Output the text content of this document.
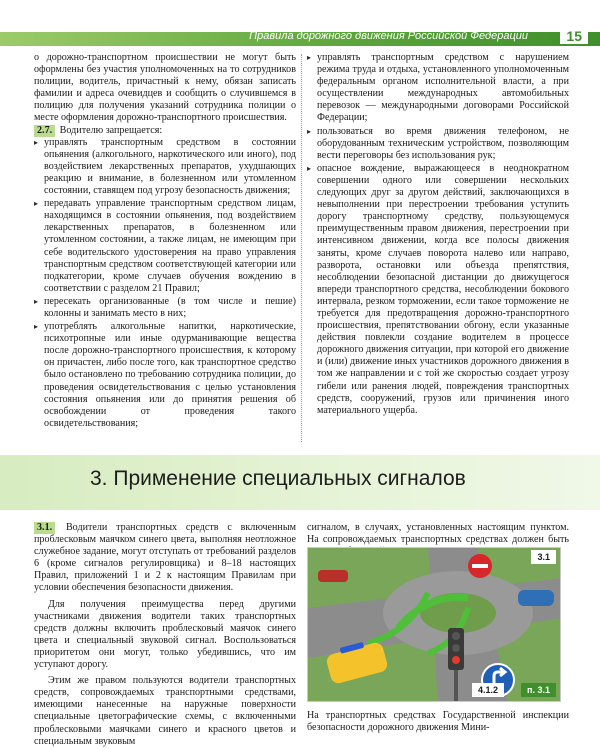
Правила дорожного движения Российской Федерации	15

о дорожно-транспортном происшествии не могут быть оформлены без участия уполномоченных на то сотрудников полиции, водитель, причастный к нему, обязан записать фамилии и адреса очевидцев и сообщить о случившемся в полицию для получения указаний сотрудника полиции о месте оформления дорожно-транспортного происшествия.

2.7. Водителю запрещается:

▸ управлять транспортным средством в состоянии опьянения (алкогольного, наркотического или иного), под воздействием лекарственных препаратов, ухудшающих реакцию и внимание, в болезненном или утомленном состоянии, ставящем под угрозу безопасность движения;
▸ передавать управление транспортным средством лицам, находящимся в состоянии опьянения, под воздействием лекарственных препаратов, в болезненном или утомленном состоянии, а также лицам, не имеющим при себе водительского удостоверения на право управления транспортным средством соответствующей категории или подкатегории, кроме случаев обучения вождению в соответствии с разделом 21 Правил;
▸ пересекать организованные (в том числе и пешие) колонны и занимать место в них;
▸ употреблять алкогольные напитки, наркотические, психотропные или иные одурманивающие вещества после дорожно-транспортного происшествия, к которому он причастен, либо после того, как транспортное средство было остановлено по требованию сотрудника полиции, до проведения освидетельствования с целью установления состояния опьянения или до принятия решения об освобождении от проведения такого освидетельствования;
▸ управлять транспортным средством с нарушением режима труда и отдыха, установленного уполномоченным федеральным органом исполнительной власти, а при осуществлении международных автомобильных перевозок — международными договорами Российской Федерации;
▸ пользоваться во время движения телефоном, не оборудованным техническим устройством, позволяющим вести переговоры без использования рук;
▸ опасное вождение, выражающееся в неоднократном совершении одного или совершении нескольких следующих друг за другом действий, заключающихся в невыполнении при перестроении требования уступить дорогу транспортному средству, пользующемуся преимущественным правом движения, перестроении при интенсивном движении, когда все полосы движения заняты, кроме случаев поворота налево или направо, разворота, остановки или объезда препятствия, несоблюдении безопасной дистанции до движущегося впереди транспортного средства, несоблюдении бокового интервала, резком торможении, если такое торможение не требуется для предотвращения дорожно-транспортного происшествия, препятствовании обгону, если указанные действия повлекли создание водителем в процессе дорожного движения ситуации, при которой его движение и (или) движение иных участников дорожного движения в том же направлении и с той же скоростью создает угрозу гибели или ранения людей, повреждения транспортных средств, сооружений, грузов или причинения иного материального ущерба.
3. Применение специальных сигналов

3.1. Водители транспортных средств с включенным проблесковым маячком синего цвета, выполняя неотложное служебное задание, могут отступать от требований разделов 6 (кроме сигналов регулировщика) и 8–18 настоящих Правил, приложений 1 и 2 к настоящим Правилам при условии обеспечения безопасности движения.

Для получения преимущества перед другими участниками движения водители таких транспортных средств должны включить проблесковый маячок синего цвета и специальный звуковой сигнал. Воспользоваться приоритетом они могут, только убедившись, что им уступают дорогу.
Этим же правом пользуются водители транспортных средств, сопровождаемых транспортными средствами, имеющими нанесенные на наружные поверхности специальные цветографические схемы, с включенными проблесковыми маячками синего и красного цветов и специальным звуковым

сигналом, в случаях, установленных настоящим пунктом. На сопровождаемых транспортных средствах должен быть

3.1
4.1.2	п. 3.1
На транспортных средствах Государственной инспекции безопасности дорожного движения Мини-
